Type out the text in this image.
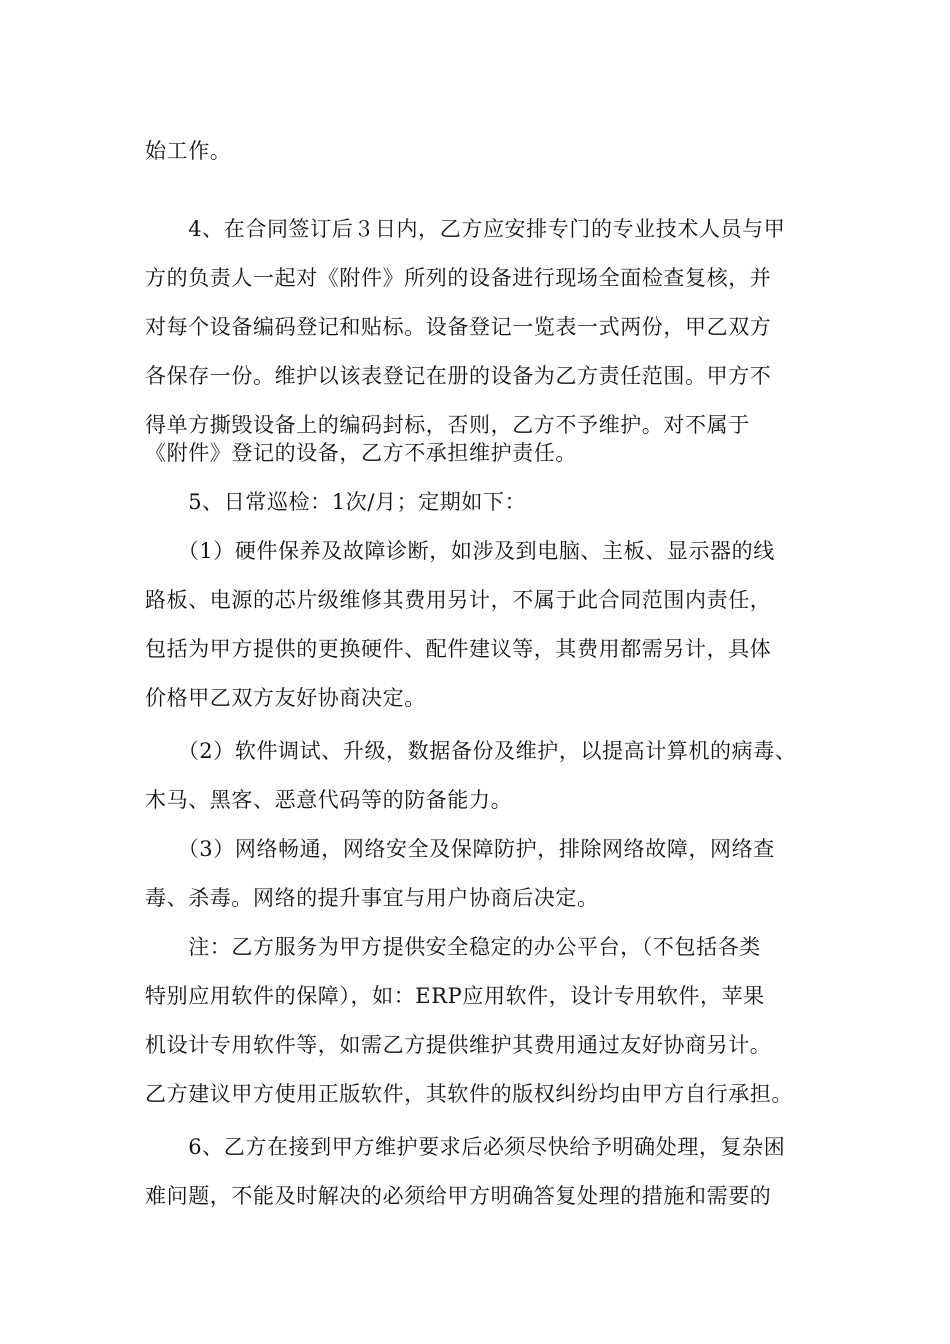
始工作。
　　4、在合同签订后３日内，乙方应安排专门的专业技术人员与甲
方的负责人一起对《附件》所列的设备进行现场全面检查复核，并
对每个设备编码登记和贴标。设备登记一览表一式两份，甲乙双方
各保存一份。维护以该表登记在册的设备为乙方责任范围。甲方不
得单方撕毁设备上的编码封标，否则，乙方不予维护。对不属于
《附件》登记的设备，乙方不承担维护责任。
　　5、日常巡检：1次/月；定期如下：
　　（1）硬件保养及故障诊断，如涉及到电脑、主板、显示器的线
路板、电源的芯片级维修其费用另计，不属于此合同范围内责任，
包括为甲方提供的更换硬件、配件建议等，其费用都需另计，具体
价格甲乙双方友好协商决定。
　　（2）软件调试、升级，数据备份及维护，以提高计算机的病毒、
木马、黑客、恶意代码等的防备能力。
　　（3）网络畅通，网络安全及保障防护，排除网络故障，网络查
毒、杀毒。网络的提升事宜与用户协商后决定。
　　注：乙方服务为甲方提供安全稳定的办公平台，（不包括各类
特别应用软件的保障），如：ERP应用软件，设计专用软件，苹果
机设计专用软件等，如需乙方提供维护其费用通过友好协商另计。
乙方建议甲方使用正版软件，其软件的版权纠纷均由甲方自行承担。
　　6、乙方在接到甲方维护要求后必须尽快给予明确处理，复杂困
难问题，不能及时解决的必须给甲方明确答复处理的措施和需要的
